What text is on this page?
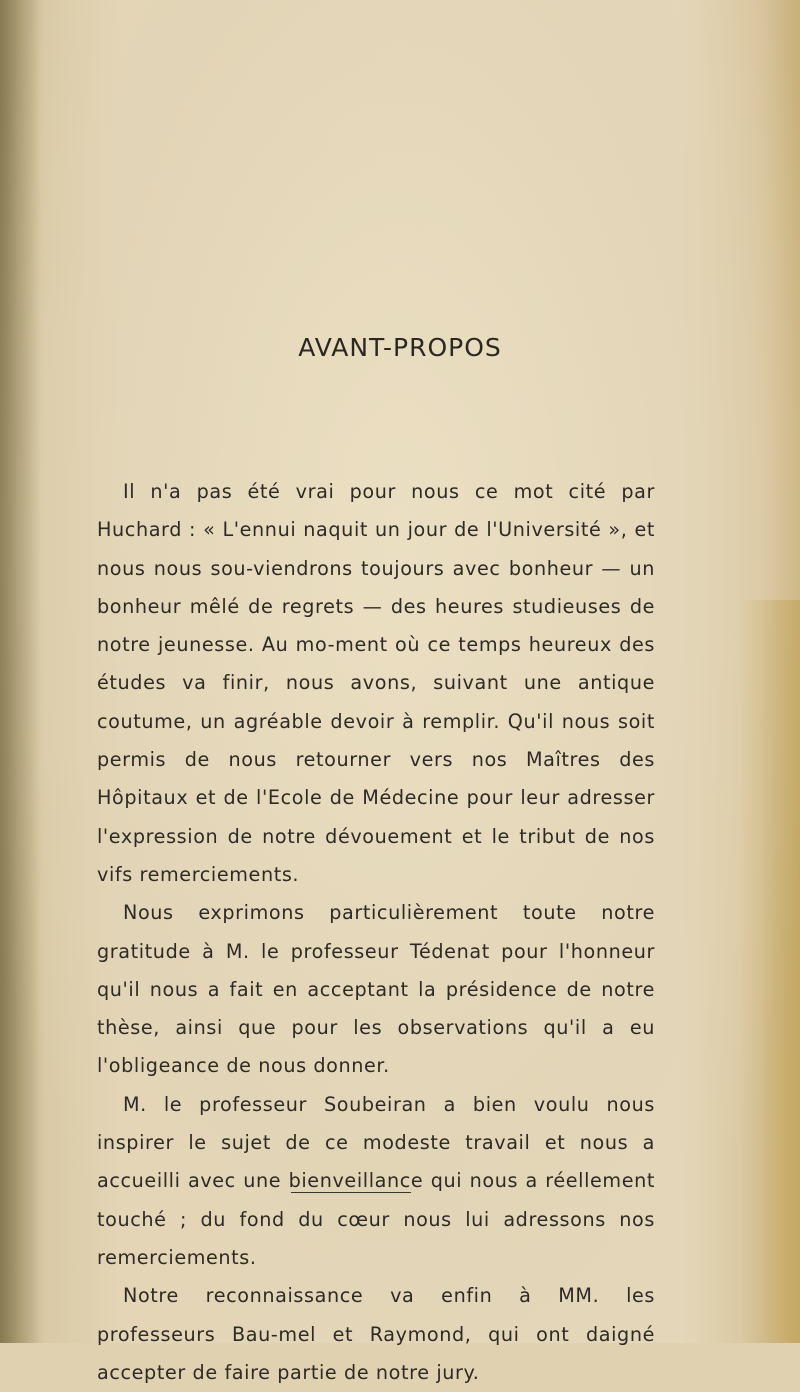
AVANT-PROPOS

Il n'a pas été vrai pour nous ce mot cité par Huchard : « L'ennui naquit un jour de l'Université », et nous nous sou-viendrons toujours avec bonheur — un bonheur mêlé de regrets — des heures studieuses de notre jeunesse. Au mo-ment où ce temps heureux des études va finir, nous avons, suivant une antique coutume, un agréable devoir à remplir. Qu'il nous soit permis de nous retourner vers nos Maîtres des Hôpitaux et de l'Ecole de Médecine pour leur adresser l'expression de notre dévouement et le tribut de nos vifs remerciements.

Nous exprimons particulièrement toute notre gratitude à M. le professeur Tédenat pour l'honneur qu'il nous a fait en acceptant la présidence de notre thèse, ainsi que pour les observations qu'il a eu l'obligeance de nous donner.

M. le professeur Soubeiran a bien voulu nous inspirer le sujet de ce modeste travail et nous a accueilli avec une bienveillance qui nous a réellement touché ; du fond du cœur nous lui adressons nos remerciements.

Notre reconnaissance va enfin à MM. les professeurs Bau-mel et Raymond, qui ont daigné accepter de faire partie de notre jury.
